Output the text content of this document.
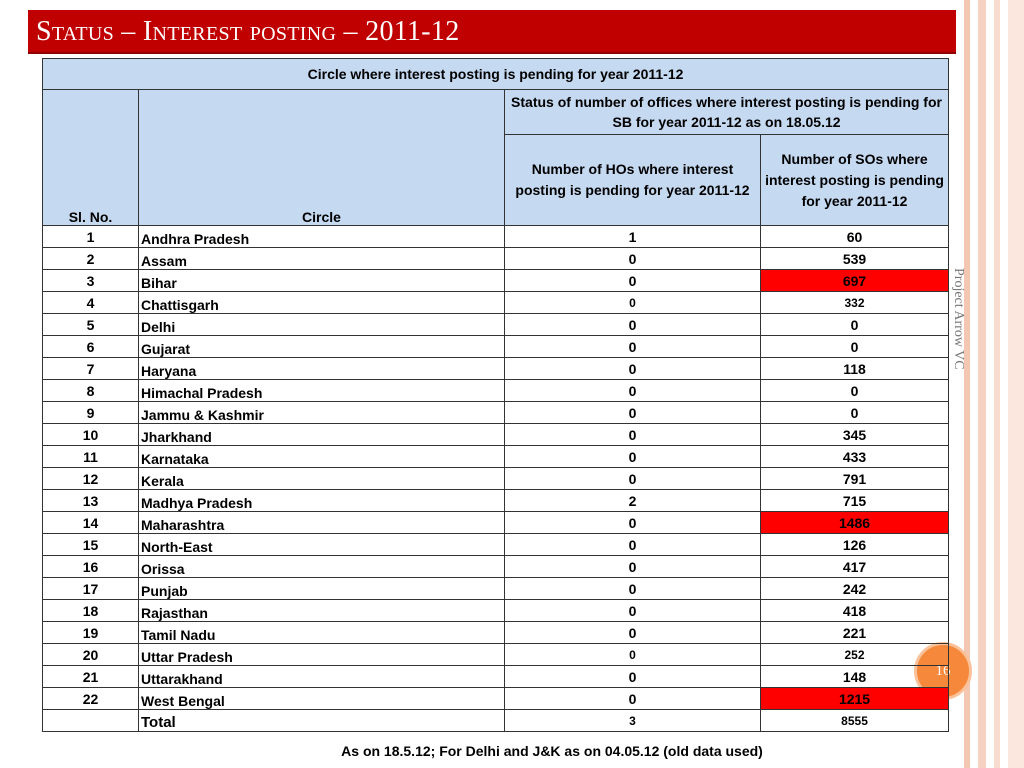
Status – Interest posting – 2011-12
Project Arrow VC
16
Circle where interest posting is pending for year 2011-12			
Sl. No.	Circle	Status of number of offices where interest posting is pending for SB for year 2011-12 as on 18.05.12	
		Number of HOs where interest posting is pending for year 2011-12	Number of SOs where interest posting is pending for year 2011-12
1	Andhra Pradesh	1	60
2	Assam	0	539
3	Bihar	0	697
4	Chattisgarh	0	332
5	Delhi	0	0
6	Gujarat	0	0
7	Haryana	0	118
8	Himachal Pradesh	0	0
9	Jammu & Kashmir	0	0
10	Jharkhand	0	345
11	Karnataka	0	433
12	Kerala	0	791
13	Madhya Pradesh	2	715
14	Maharashtra	0	1486
15	North-East	0	126
16	Orissa	0	417
17	Punjab	0	242
18	Rajasthan	0	418
19	Tamil Nadu	0	221
20	Uttar Pradesh	0	252
21	Uttarakhand	0	148
22	West Bengal	0	1215
	Total	3	8555
As on 18.5.12; For Delhi and J&K as on 04.05.12 (old data used)
